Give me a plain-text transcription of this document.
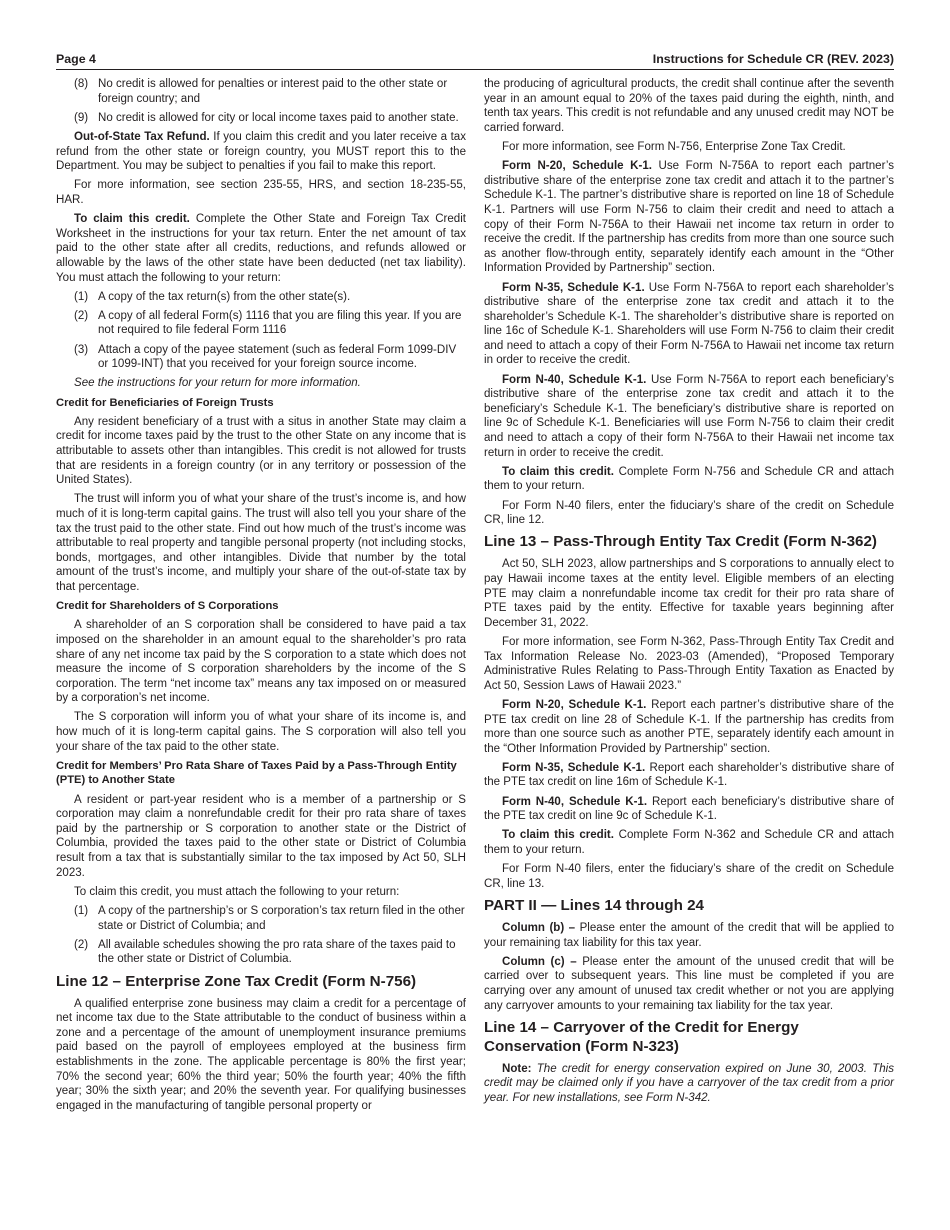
Page 4	Instructions for Schedule CR (REV. 2023)
(8) No credit is allowed for penalties or interest paid to the other state or foreign country; and
(9) No credit is allowed for city or local income taxes paid to another state.

Out-of-State Tax Refund. If you claim this credit and you later receive a tax refund from the other state or foreign country, you MUST report this to the Department. You may be subject to penalties if you fail to make this report.

For more information, see section 235-55, HRS, and section 18-235-55, HAR.

To claim this credit. Complete the Other State and Foreign Tax Credit Worksheet in the instructions for your tax return. Enter the net amount of tax paid to the other state after all credits, reductions, and refunds allowed or allowable by the laws of the other state have been deducted (net tax liability). You must attach the following to your return:

(1) A copy of the tax return(s) from the other state(s).
(2) A copy of all federal Form(s) 1116 that you are filing this year. If you are not required to file federal Form 1116
(3) Attach a copy of the payee statement (such as federal Form 1099-DIV or 1099-INT) that you received for your foreign source income.

See the instructions for your return for more information.

Credit for Beneficiaries of Foreign Trusts

Any resident beneficiary of a trust with a situs in another State may claim a credit for income taxes paid by the trust to the other State on any income that is attributable to assets other than intangibles. This credit is not allowed for trusts that are residents in a foreign country (or in any territory or possession of the United States).

The trust will inform you of what your share of the trust’s income is, and how much of it is long-term capital gains. The trust will also tell you your share of the tax the trust paid to the other state. Find out how much of the trust’s income was attributable to real property and tangible personal property (not including stocks, bonds, mortgages, and other intangibles. Divide that number by the total amount of the trust’s income, and multiply your share of the out-of-state tax by that percentage.

Credit for Shareholders of S Corporations

A shareholder of an S corporation shall be considered to have paid a tax imposed on the shareholder in an amount equal to the shareholder’s pro rata share of any net income tax paid by the S corporation to a state which does not measure the income of S corporation shareholders by the income of the S corporation. The term “net income tax” means any tax imposed on or measured by a corporation’s net income.

The S corporation will inform you of what your share of its income is, and how much of it is long-term capital gains. The S corporation will also tell you your share of the tax paid to the other state.

Credit for Members’ Pro Rata Share of Taxes Paid by a Pass-Through Entity (PTE) to Another State

A resident or part-year resident who is a member of a partnership or S corporation may claim a nonrefundable credit for their pro rata share of taxes paid by the partnership or S corporation to another state or the District of Columbia, provided the taxes paid to the other state or District of Columbia result from a tax that is substantially similar to the tax imposed by Act 50, SLH 2023.

To claim this credit, you must attach the following to your return:

(1) A copy of the partnership’s or S corporation’s tax return filed in the other state or District of Columbia; and
(2) All available schedules showing the pro rata share of the taxes paid to the other state or District of Columbia.
Line 12 – Enterprise Zone Tax Credit (Form N-756)

A qualified enterprise zone business may claim a credit for a percentage of net income tax due to the State attributable to the conduct of business within a zone and a percentage of the amount of unemployment insurance premiums paid based on the payroll of employees employed at the business firm establishments in the zone. The applicable percentage is 80% the first year; 70% the second year; 60% the third year; 50% the fourth year; 40% the fifth year; 30% the sixth year; and 20% the seventh year. For qualifying businesses engaged in the manufacturing of tangible personal property or

the producing of agricultural products, the credit shall continue after the seventh year in an amount equal to 20% of the taxes paid during the eighth, ninth, and tenth tax years. This credit is not refundable and any unused credit may NOT be carried forward.

For more information, see Form N-756, Enterprise Zone Tax Credit.

Form N-20, Schedule K-1. Use Form N-756A to report each partner’s distributive share of the enterprise zone tax credit and attach it to the partner’s Schedule K-1. The partner’s distributive share is reported on line 18 of Schedule K-1. Partners will use Form N-756 to claim their credit and need to attach a copy of their Form N-756A to their Hawaii net income tax return in order to receive the credit. If the partnership has credits from more than one source such as another flow-through entity, separately identify each amount in the “Other Information Provided by Partnership” section.

Form N-35, Schedule K-1. Use Form N-756A to report each shareholder’s distributive share of the enterprise zone tax credit and attach it to the shareholder’s Schedule K-1. The shareholder’s distributive share is reported on line 16c of Schedule K-1. Shareholders will use Form N-756 to claim their credit and need to attach a copy of their Form N-756A to Hawaii net income tax return in order to receive the credit.

Form N-40, Schedule K-1. Use Form N-756A to report each beneficiary’s distributive share of the enterprise zone tax credit and attach it to the beneficiary’s Schedule K-1. The beneficiary’s distributive share is reported on line 9c of Schedule K-1. Beneficiaries will use Form N-756 to claim their credit and need to attach a copy of their form N-756A to their Hawaii net income tax return in order to receive the credit.

To claim this credit. Complete Form N-756 and Schedule CR and attach them to your return.

For Form N-40 filers, enter the fiduciary’s share of the credit on Schedule CR, line 12.

Line 13 – Pass-Through Entity Tax Credit (Form N-362)

Act 50, SLH 2023, allow partnerships and S corporations to annually elect to pay Hawaii income taxes at the entity level. Eligible members of an electing PTE may claim a nonrefundable income tax credit for their pro rata share of PTE taxes paid by the entity. Effective for taxable years beginning after December 31, 2022.

For more information, see Form N-362, Pass-Through Entity Tax Credit and Tax Information Release No. 2023-03 (Amended), “Proposed Temporary Administrative Rules Relating to Pass-Through Entity Taxation as Enacted by Act 50, Session Laws of Hawaii 2023.”

Form N-20, Schedule K-1. Report each partner’s distributive share of the PTE tax credit on line 28 of Schedule K-1. If the partnership has credits from more than one source such as another PTE, separately identify each amount in the “Other Information Provided by Partnership” section.

Form N-35, Schedule K-1. Report each shareholder’s distributive share of the PTE tax credit on line 16m of Schedule K-1.

Form N-40, Schedule K-1. Report each beneficiary’s distributive share of the PTE tax credit on line 9c of Schedule K-1.

To claim this credit. Complete Form N-362 and Schedule CR and attach them to your return.

For Form N-40 filers, enter the fiduciary’s share of the credit on Schedule CR, line 13.

PART II — Lines 14 through 24

Column (b) – Please enter the amount of the credit that will be applied to your remaining tax liability for this tax year.

Column (c) – Please enter the amount of the unused credit that will be carried over to subsequent years. This line must be completed if you are carrying over any amount of unused tax credit whether or not you are applying any carryover amounts to your remaining tax liability for the tax year.

Line 14 – Carryover of the Credit for Energy Conservation (Form N-323)

Note: The credit for energy conservation expired on June 30, 2003. This credit may be claimed only if you have a carryover of the tax credit from a prior year. For new installations, see Form N-342.
